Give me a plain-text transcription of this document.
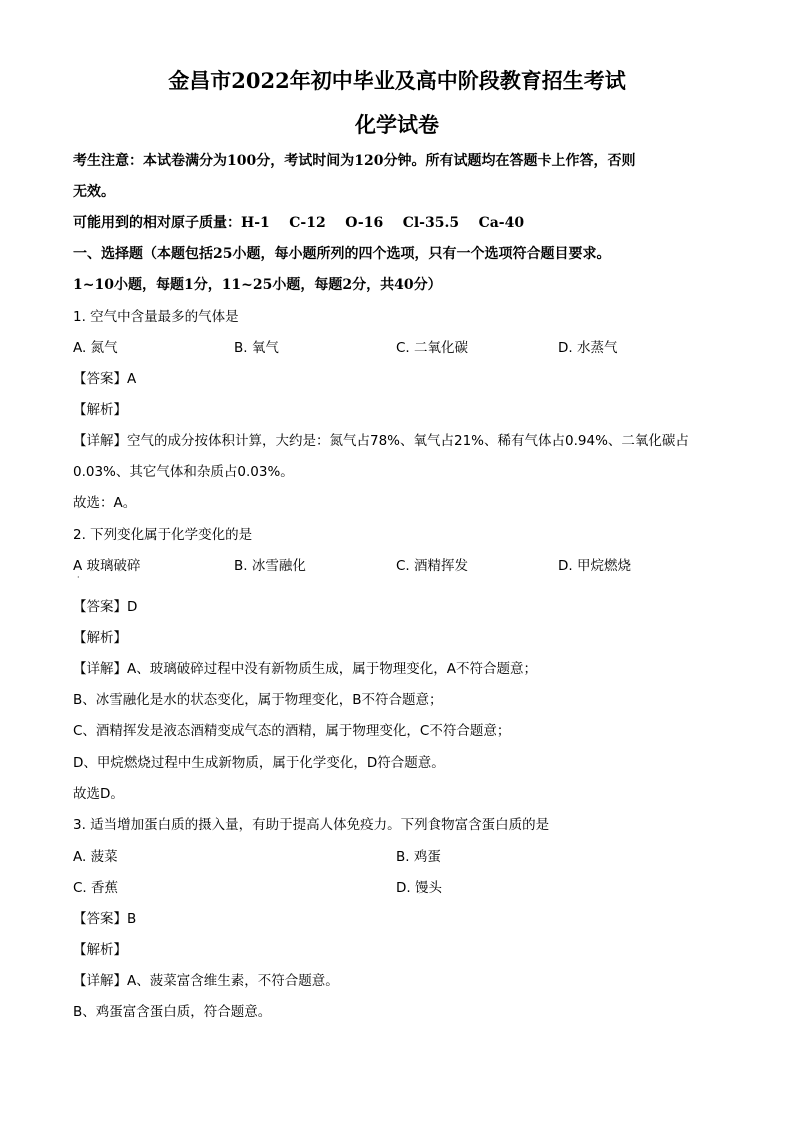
金昌市2022年初中毕业及高中阶段教育招生考试
化学试卷
考生注意：本试卷满分为100分，考试时间为120分钟。所有试题均在答题卡上作答，否则
无效。
可能用到的相对原子质量：H-1    C-12    O-16    Cl-35.5    Ca-40
一、选择题（本题包括25小题，每小题所列的四个选项，只有一个选项符合题目要求。
1~10小题，每题1分，11~25小题，每题2分，共40分）
1. 空气中含量最多的气体是
A. 氮气	B. 氧气	C. 二氧化碳	D. 水蒸气
【答案】A
【解析】
【详解】空气的成分按体积计算，大约是：氮气占78%、氧气占21%、稀有气体占0.94%、二氧化碳占
0.03%、其它气体和杂质占0.03%。
故选：A。
2. 下列变化属于化学变化的是
A 玻璃破碎
·
B. 冰雪融化	C. 酒精挥发	D. 甲烷燃烧
【答案】D
【解析】
【详解】A、玻璃破碎过程中没有新物质生成，属于物理变化，A不符合题意；
B、冰雪融化是水的状态变化，属于物理变化，B不符合题意；
C、酒精挥发是液态酒精变成气态的酒精，属于物理变化，C不符合题意；
D、甲烷燃烧过程中生成新物质，属于化学变化，D符合题意。
故选D。
3. 适当增加蛋白质的摄入量，有助于提高人体免疫力。下列食物富含蛋白质的是
A. 菠菜	B. 鸡蛋
C. 香蕉	D. 馒头
【答案】B
【解析】
【详解】A、菠菜富含维生素，不符合题意。
B、鸡蛋富含蛋白质，符合题意。
